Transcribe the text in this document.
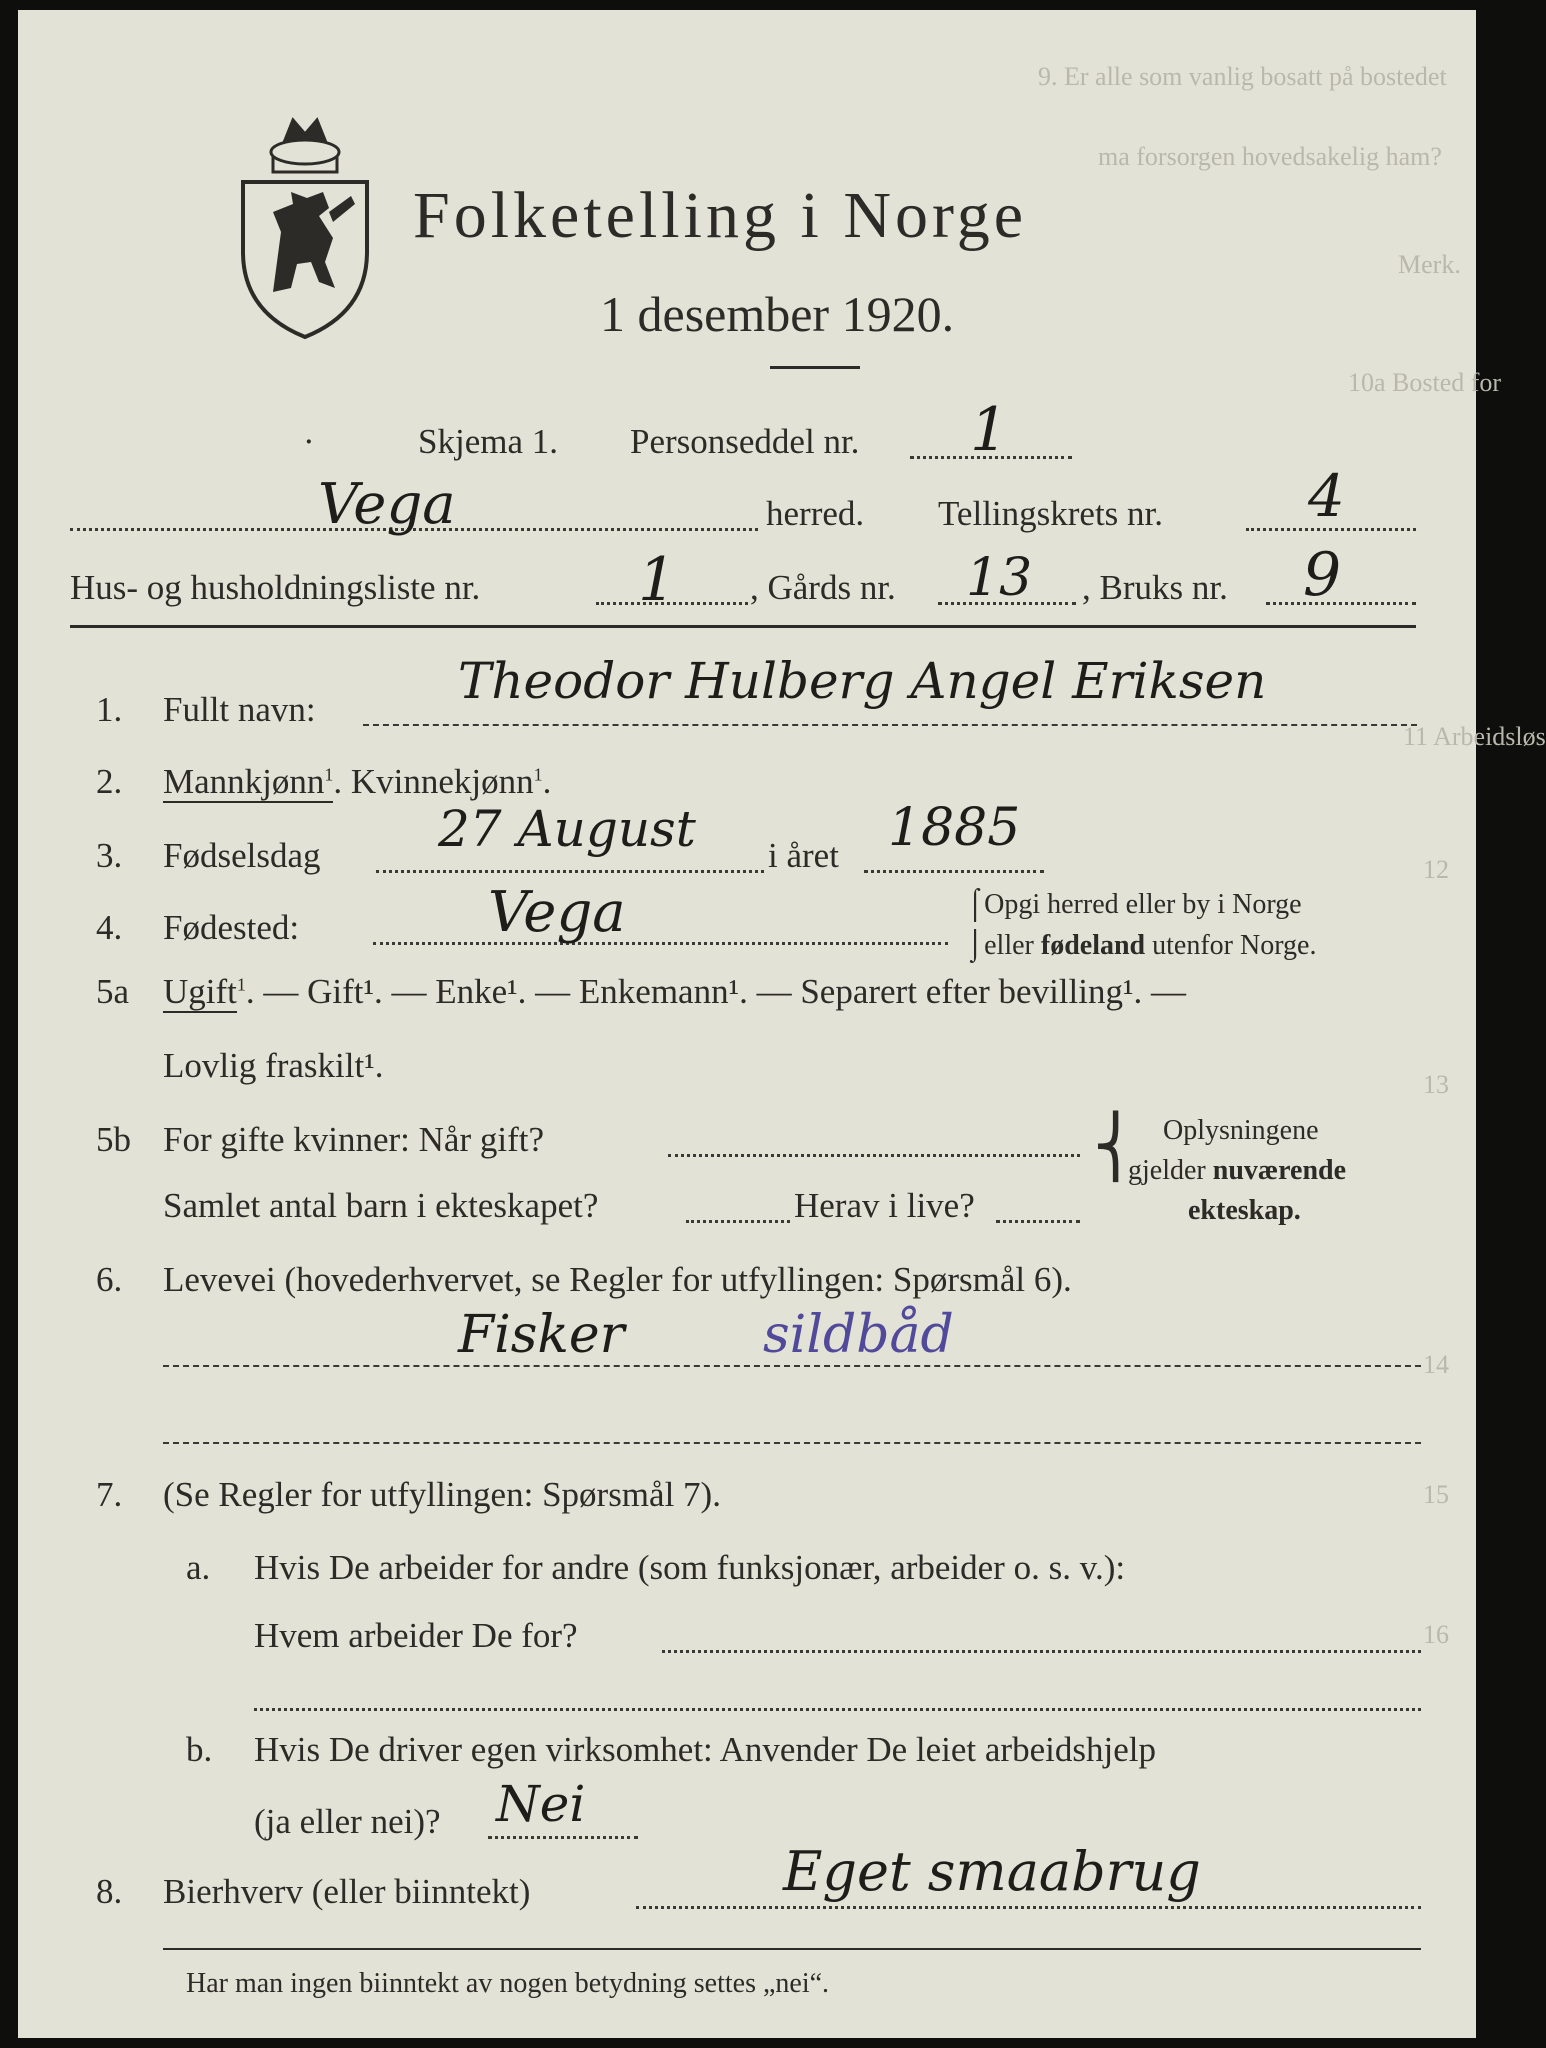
9. Er alle som vanlig bosatt på bostedet
ma forsorgen hovedsakelig ham?
Merk.
10a Bosted for
11 Arbeidsløs
12
13
14
15
16
Folketelling i Norge
1 desember 1920.
·	Skjema 1. Personseddel nr. 1
Vega	herred. Tellingskrets nr. 4
Hus- og husholdningsliste nr.	1 , Gårds nr. 13 , Bruks nr. 9
1. Fullt navn:	Theodor Hulberg Angel Eriksen
2. Mannkjønn$^1$. Kvinnekjønn$^1$.
3. Fødselsdag 27 August i året 1885
4. Fødested:	Vega	⌠Opgi herred eller by i Norge
⌡eller fødeland utenfor Norge.
5a Ugift$^1$. — Gift¹. — Enke¹. — Enkemann¹. — Separert efter bevilling¹. —
Lovlig fraskilt¹.
5b For gifte kvinner: Når gift?
Samlet antal barn i ekteskapet?	Herav i live?
⎨ Oplysningene
gjelder nuværende
ekteskap.
6. Levevei (hovederhvervet, se Regler for utfyllingen: Spørsmål 6).
Fisker	sildbåd
7. (Se Regler for utfyllingen: Spørsmål 7).
a. Hvis De arbeider for andre (som funksjonær, arbeider o. s. v.):
Hvem arbeider De for?
b. Hvis De driver egen virksomhet: Anvender De leiet arbeidshjelp
(ja eller nei)? Nei
8. Bierhverv (eller biinntekt)	Eget smaabrug
Har man ingen biinntekt av nogen betydning settes „nei“.
